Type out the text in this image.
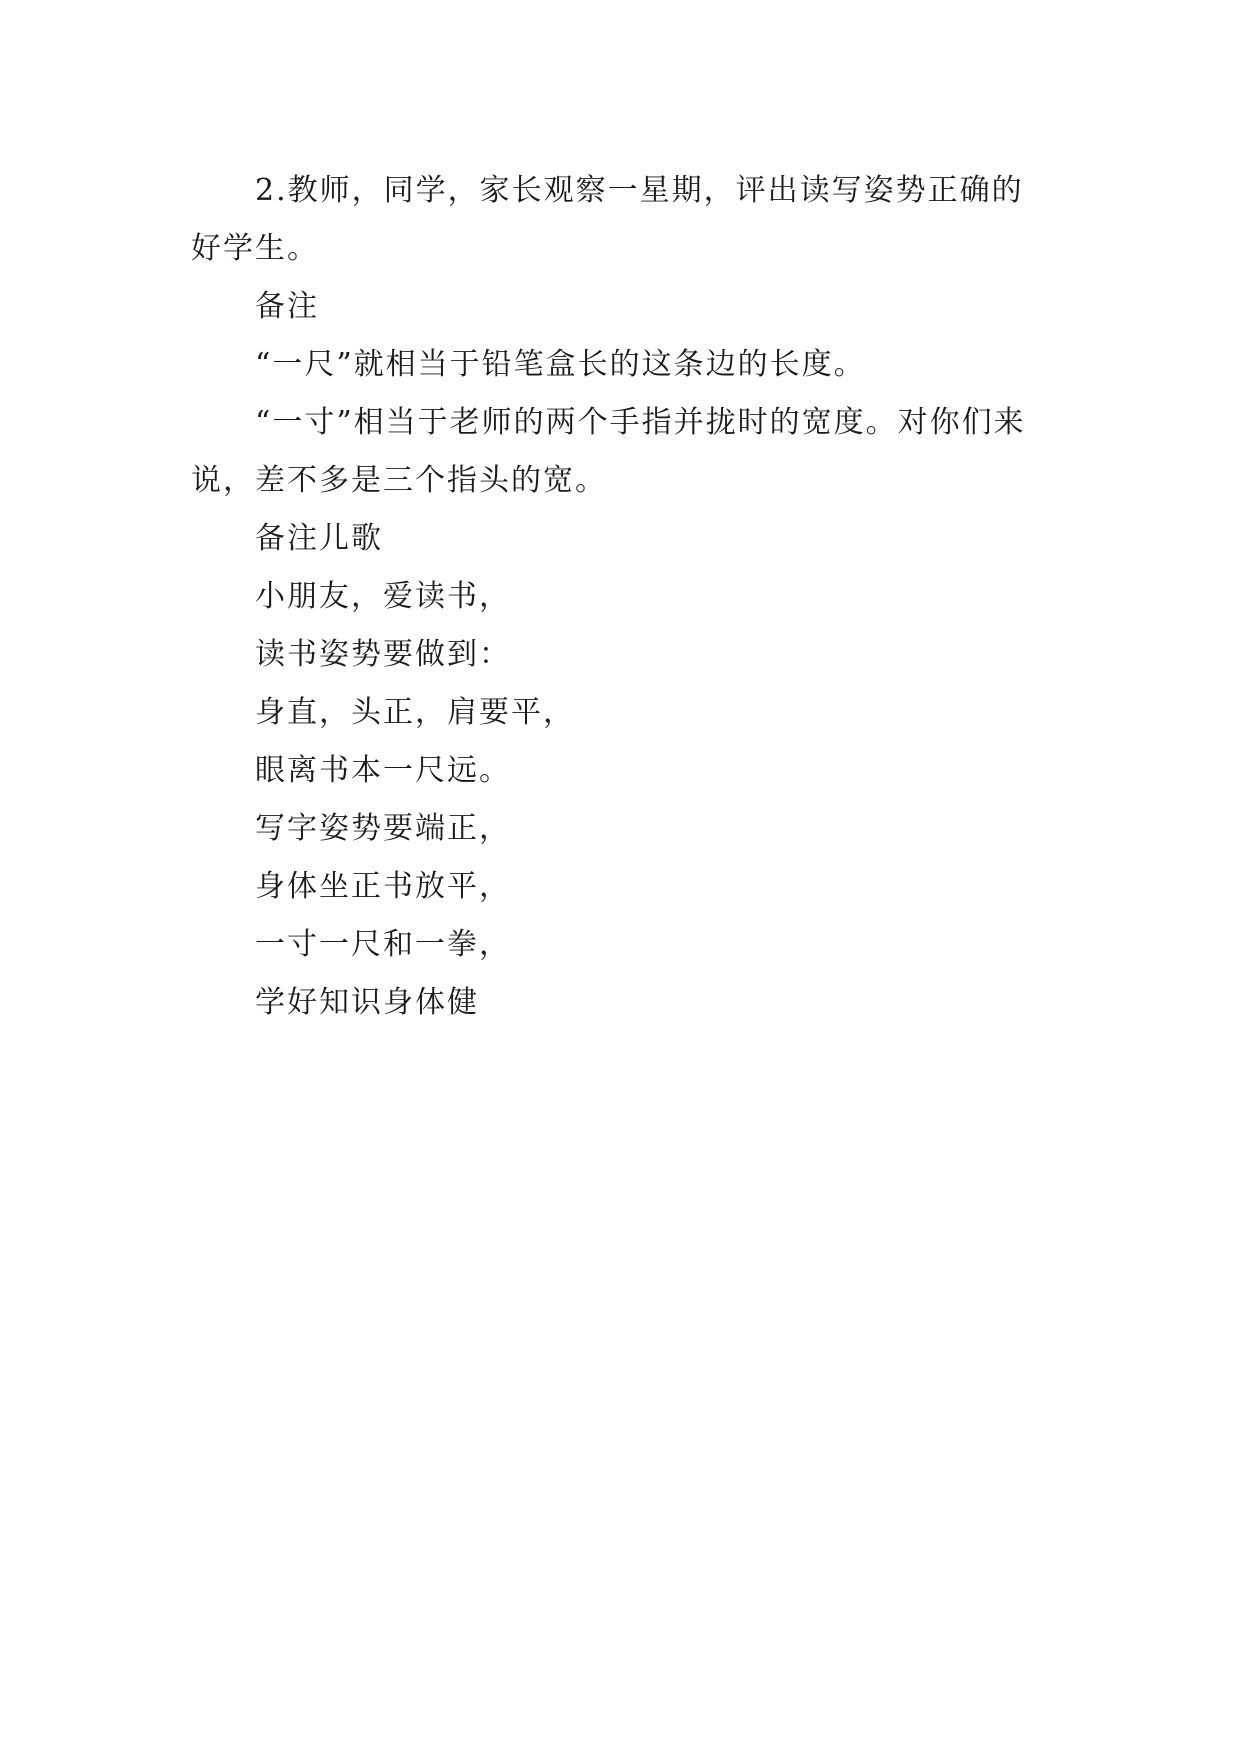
2.教师，同学，家长观察一星期，评出读写姿势正确的好学生。

备注

“一尺”就相当于铅笔盒长的这条边的长度。

“一寸”相当于老师的两个手指并拢时的宽度。对你们来说，差不多是三个指头的宽。

备注儿歌

小朋友，爱读书，

读书姿势要做到：

身直，头正，肩要平，

眼离书本一尺远。

写字姿势要端正，

身体坐正书放平，

一寸一尺和一拳，

学好知识身体健
